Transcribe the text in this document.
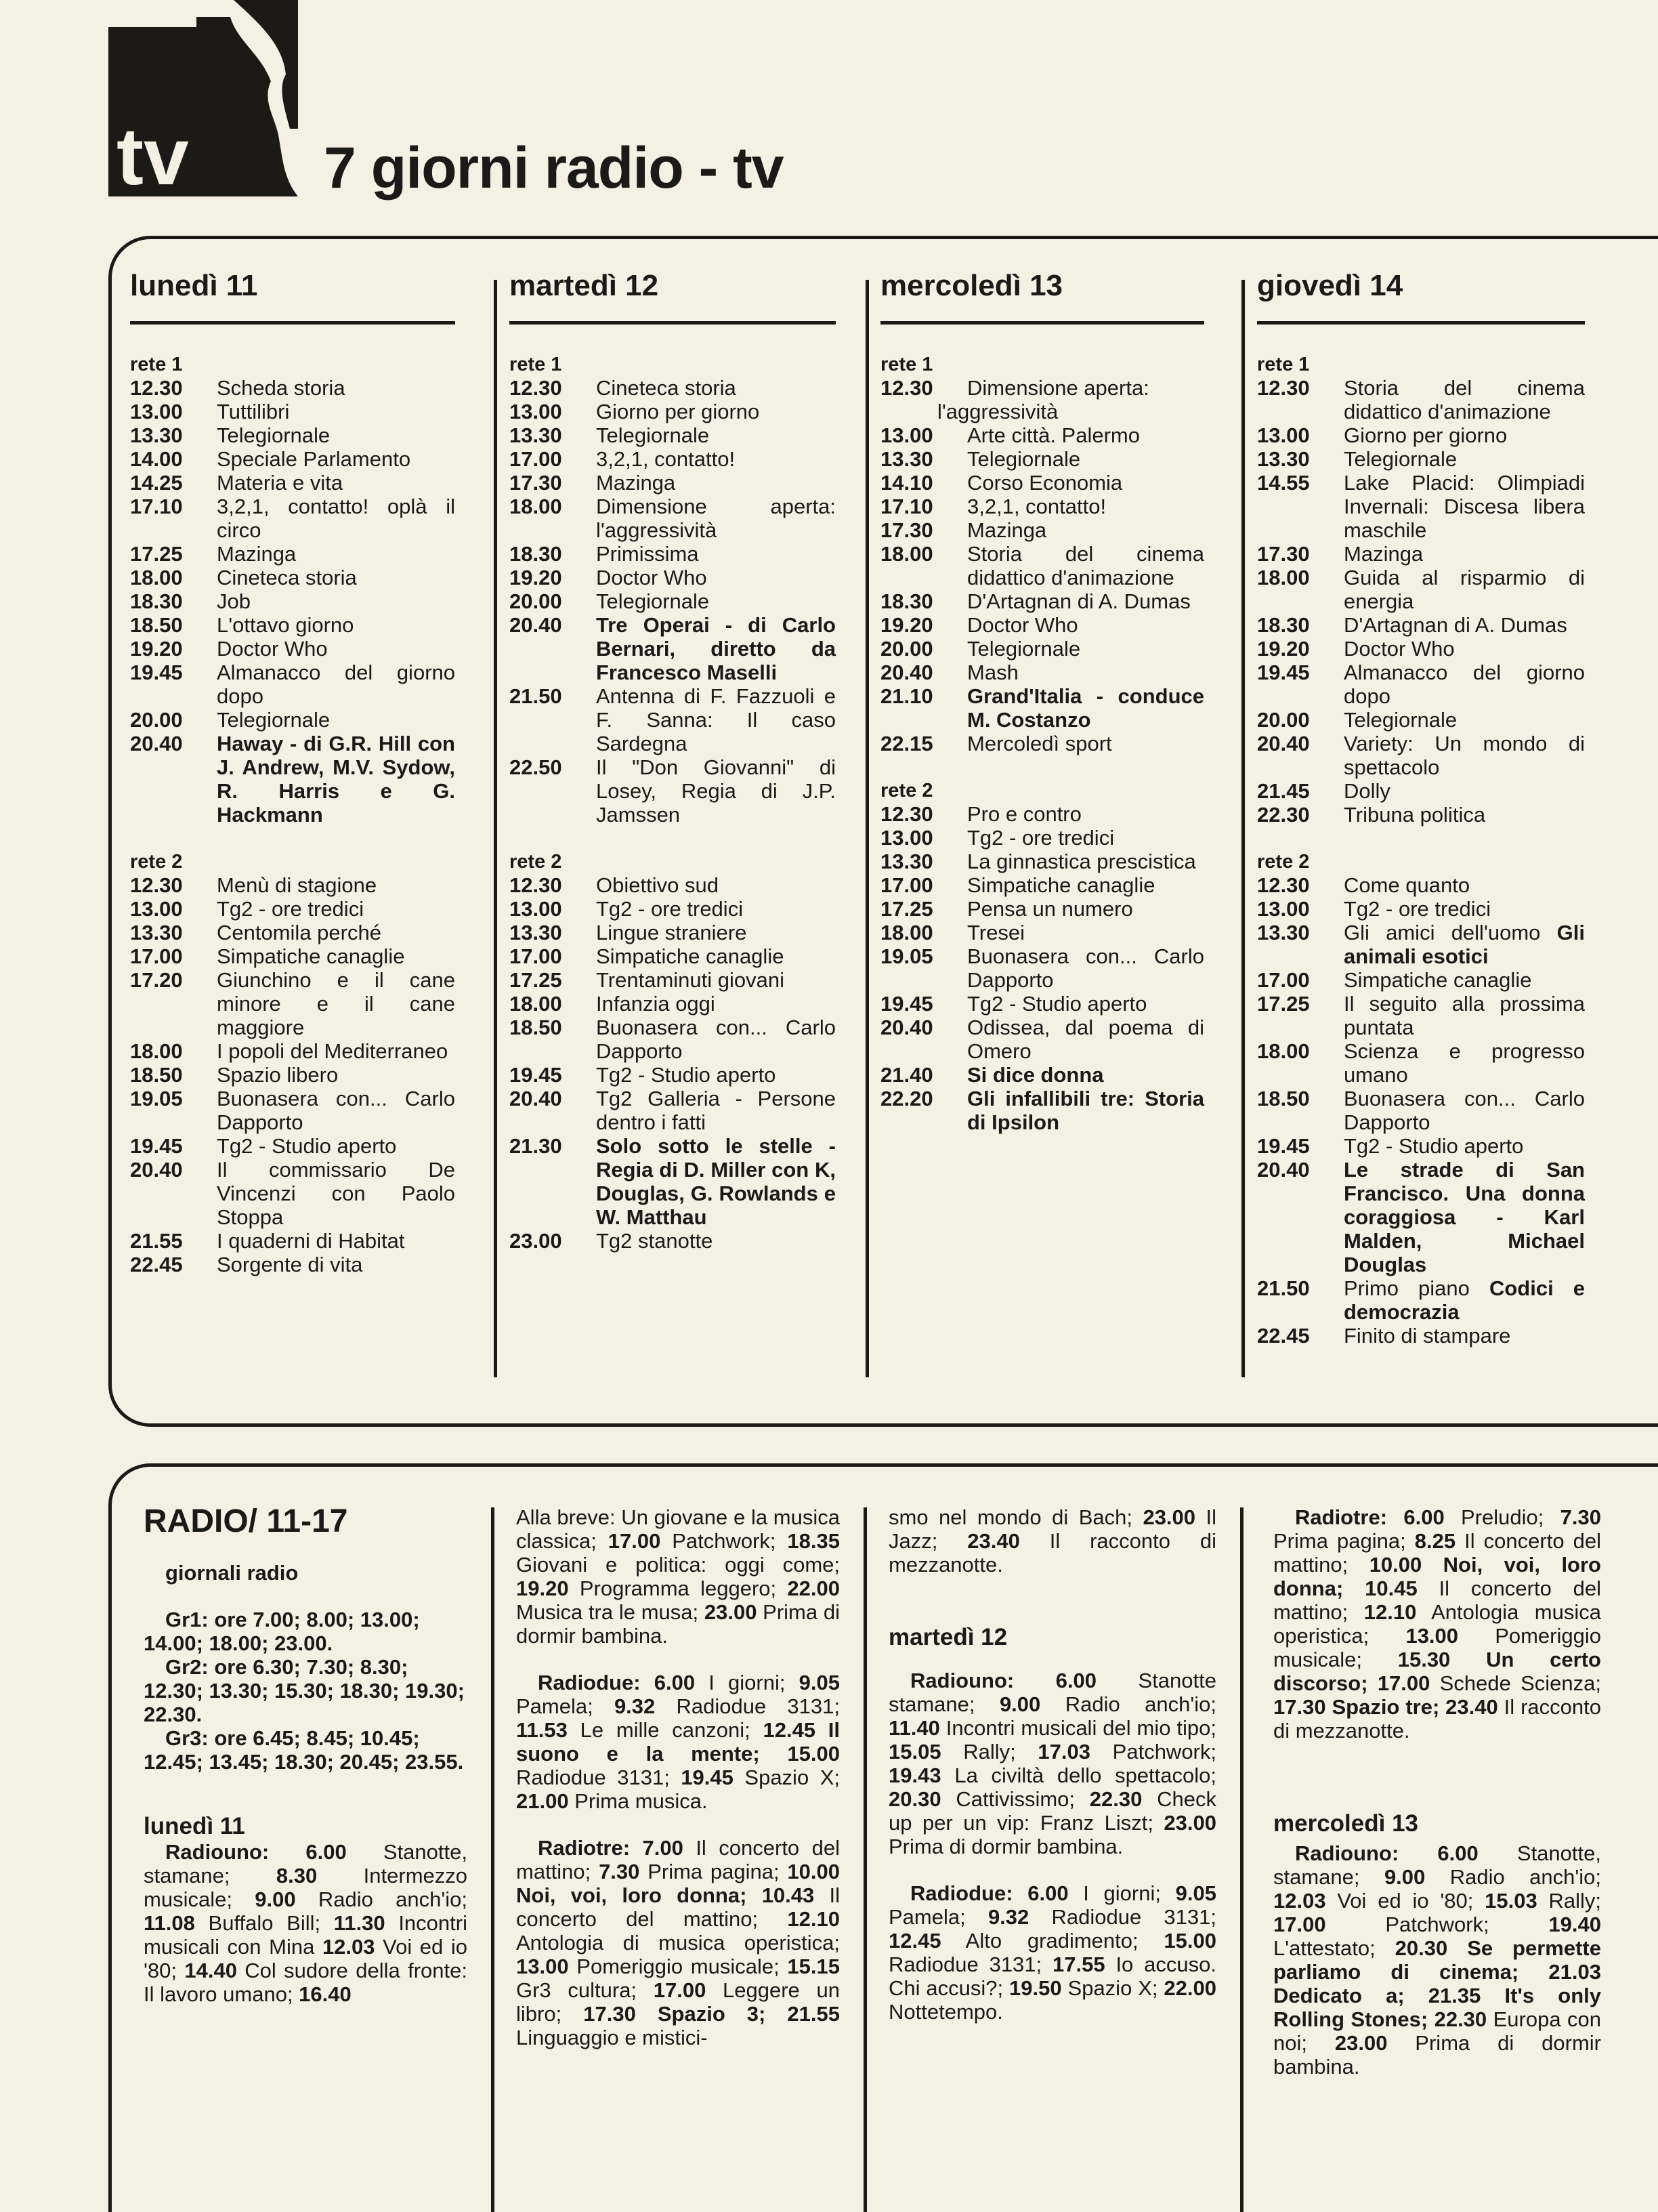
tv 7 giorni radio - tv
lunedì 11
rete 1
12.30	Scheda storia
13.00	Tuttilibri
13.30	Telegiornale
14.00	Speciale Parlamento
14.25	Materia e vita
17.10	3,2,1, contatto! oplà il circo
17.25	Mazinga
18.00	Cineteca storia
18.30	Job
18.50	L'ottavo giorno
19.20	Doctor Who
19.45	Almanacco del giorno dopo
20.00	Telegiornale
20.40	Haway - di G.R. Hill con J. Andrew, M.V. Sydow, R. Harris e G. Hackmann
rete 2
12.30	Menù di stagione
13.00	Tg2 - ore tredici
13.30	Centomila perché
17.00	Simpatiche canaglie
17.20	Giunchino e il cane minore e il cane maggiore
18.00	I popoli del Mediterraneo
18.50	Spazio libero
19.05	Buonasera con... Carlo Dapporto
19.45	Tg2 - Studio aperto
20.40	Il commissario De Vincenzi con Paolo Stoppa
21.55	I quaderni di Habitat
22.45	Sorgente di vita
martedì 12
rete 1
12.30	Cineteca storia
13.00	Giorno per giorno
13.30	Telegiornale
17.00	3,2,1, contatto!
17.30	Mazinga
18.00	Dimensione aperta: l'aggressività
18.30	Primissima
19.20	Doctor Who
20.00	Telegiornale
20.40	Tre Operai - di Carlo Bernari, diretto da Francesco Maselli
21.50	Antenna di F. Fazzuoli e F. Sanna: Il caso Sardegna
22.50	Il "Don Giovanni" di Losey, Regia di J.P. Jamssen
rete 2
12.30	Obiettivo sud
13.00	Tg2 - ore tredici
13.30	Lingue straniere
17.00	Simpatiche canaglie
17.25	Trentaminuti giovani
18.00	Infanzia oggi
18.50	Buonasera con... Carlo Dapporto
19.45	Tg2 - Studio aperto
20.40	Tg2 Galleria - Persone dentro i fatti
21.30	Solo sotto le stelle - Regia di D. Miller con K, Douglas, G. Rowlands e W. Matthau
23.00	Tg2 stanotte
mercoledì 13
rete 1
12.30	Dimensione aperta:
l'aggressività
13.00	Arte città. Palermo
13.30	Telegiornale
14.10	Corso Economia
17.10	3,2,1, contatto!
17.30	Mazinga
18.00	Storia del cinema didattico d'animazione
18.30	D'Artagnan di A. Dumas
19.20	Doctor Who
20.00	Telegiornale
20.40	Mash
21.10	Grand'Italia - conduce M. Costanzo
22.15	Mercoledì sport
rete 2
12.30	Pro e contro
13.00	Tg2 - ore tredici
13.30	La ginnastica prescistica
17.00	Simpatiche canaglie
17.25	Pensa un numero
18.00	Tresei
19.05	Buonasera con... Carlo Dapporto
19.45	Tg2 - Studio aperto
20.40	Odissea, dal poema di Omero
21.40	Si dice donna
22.20	Gli infallibili tre: Storia di Ipsilon
giovedì 14
rete 1
12.30	Storia del cinema didattico d'animazione
13.00	Giorno per giorno
13.30	Telegiornale
14.55	Lake Placid: Olimpiadi Invernali: Discesa libera maschile
17.30	Mazinga
18.00	Guida al risparmio di energia
18.30	D'Artagnan di A. Dumas
19.20	Doctor Who
19.45	Almanacco del giorno dopo
20.00	Telegiornale
20.40	Variety: Un mondo di spettacolo
21.45	Dolly
22.30	Tribuna politica
rete 2
12.30	Come quanto
13.00	Tg2 - ore tredici
13.30	Gli amici dell'uomo Gli animali esotici
17.00	Simpatiche canaglie
17.25	Il seguito alla prossima puntata
18.00	Scienza e progresso umano
18.50	Buonasera con... Carlo Dapporto
19.45	Tg2 - Studio aperto
20.40	Le strade di San Francisco. Una donna coraggiosa - Karl Malden, Michael Douglas
21.50	Primo piano Codici e democrazia
22.45	Finito di stampare
RADIO/ 11-17
giornali radio
Gr1: ore 7.00; 8.00; 13.00; 14.00; 18.00; 23.00.
Gr2: ore 6.30; 7.30; 8.30; 12.30; 13.30; 15.30; 18.30; 19.30; 22.30.
Gr3: ore 6.45; 8.45; 10.45; 12.45; 13.45; 18.30; 20.45; 23.55.
lunedì 11
Radiouno: 6.00 Stanotte, stamane; 8.30 Intermezzo musicale; 9.00 Radio anch'io; 11.08 Buffalo Bill; 11.30 Incontri musicali con Mina 12.03 Voi ed io '80; 14.40 Col sudore della fronte: Il lavoro umano; 16.40
Alla breve: Un giovane e la musica classica; 17.00 Patchwork; 18.35 Giovani e politica: oggi come; 19.20 Programma leggero; 22.00 Musica tra le musa; 23.00 Prima di dormir bambina.
Radiodue: 6.00 I giorni; 9.05 Pamela; 9.32 Radiodue 3131; 11.53 Le mille canzoni; 12.45 Il suono e la mente; 15.00 Radiodue 3131; 19.45 Spazio X; 21.00 Prima musica.
Radiotre: 7.00 Il concerto del mattino; 7.30 Prima pagina; 10.00 Noi, voi, loro donna; 10.43 Il concerto del mattino; 12.10 Antologia di musica operistica; 13.00 Pomeriggio musicale; 15.15 Gr3 cultura; 17.00 Leggere un libro; 17.30 Spazio 3; 21.55 Linguaggio e mistici-
smo nel mondo di Bach; 23.00 Il Jazz; 23.40 Il racconto di mezzanotte.
martedì 12
Radiouno: 6.00 Stanotte stamane; 9.00 Radio anch'io; 11.40 Incontri musicali del mio tipo; 15.05 Rally; 17.03 Patchwork; 19.43 La civiltà dello spettacolo; 20.30 Cattivissimo; 22.30 Check up per un vip: Franz Liszt; 23.00 Prima di dormir bambina.
Radiodue: 6.00 I giorni; 9.05 Pamela; 9.32 Radiodue 3131; 12.45 Alto gradimento; 15.00 Radiodue 3131; 17.55 Io accuso. Chi accusi?; 19.50 Spazio X; 22.00 Nottetempo.
Radiotre: 6.00 Preludio; 7.30 Prima pagina; 8.25 Il concerto del mattino; 10.00 Noi, voi, loro donna; 10.45 Il concerto del mattino; 12.10 Antologia musica operistica; 13.00 Pomeriggio musicale; 15.30 Un certo discorso; 17.00 Schede Scienza; 17.30 Spazio tre; 23.40 Il racconto di mezzanotte.
mercoledì 13
Radiouno: 6.00 Stanotte, stamane; 9.00 Radio anch'io; 12.03 Voi ed io '80; 15.03 Rally; 17.00 Patchwork; 19.40 L'attestato; 20.30 Se permette parliamo di cinema; 21.03 Dedicato a; 21.35 It's only Rolling Stones; 22.30 Europa con noi; 23.00 Prima di dormir bambina.
